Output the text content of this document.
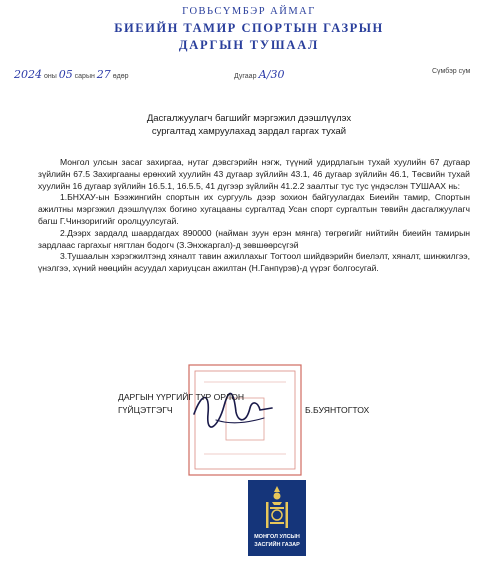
ГОВЬСҮМБЭР АЙМАГ
БИЕИЙН ТАМИР СПОРТЫН ГАЗРЫН
ДАРГЫН ТУШААЛ
2024 оны 05 сарын 27 өдөр	Дугаар А/30	Сүмбэр сум
Дасгалжуулагч багшийг мэргэжил дээшлүүлэх
сургалтад хамруулахад зардал гаргах тухай

Монгол улсын засаг захиргаа, нутаг дэвсгэрийн нэгж, түүний удирдлагын тухай хуулийн 67 дугаар зүйлийн 67.5 Захиргааны ерөнхий хуулийн 43 дугаар зүйлийн 43.1, 46 дугаар зүйлийн 46.1, Төсвийн тухай хуулийн 16 дугаар зүйлийн 16.5.1, 16.5.5, 41 дүгээр зүйлийн 41.2.2 заалтыг тус тус үндэслэн ТУШААХ нь:

1.БНХАУ-ын Бээжингийн спортын их сургууль дээр зохион байгуулагдах Биеийн тамир, Спортын ажилтны мэргэжил дээшлүүлэх богино хугацааны сургалтад Усан спорт сургалтын төвийн дасгалжуулагч багш Г.Чинзоригийг оролцуулсугай.

2.Дээрх зардалд шаардагдах 890000 (найман зуун ерэн мянга) төгрөгийг нийтийн биеийн тамирын зардлаас гаргахыг нягтлан бодогч (З.Энхжаргал)-д зөвшөөрсүгэй

3.Тушаалын хэрэгжилтэнд хяналт тавин ажиллахыг Тогтоол шийдвэрийн биелэлт, хяналт, шинжилгээ, үнэлгээ, хүний нөөцийн асуудал хариуцсан ажилтан (Н.Ганпүрэв)-д үүрэг болгосугай.

ДАРГЫН ҮҮРГИЙГ ТҮР ОРЛОН
ГҮЙЦЭТГЭГЧ	Б.БУЯНТОГТОХ
МОНГОЛ УЛСЫН
ЗАСГИЙН ГАЗАР
